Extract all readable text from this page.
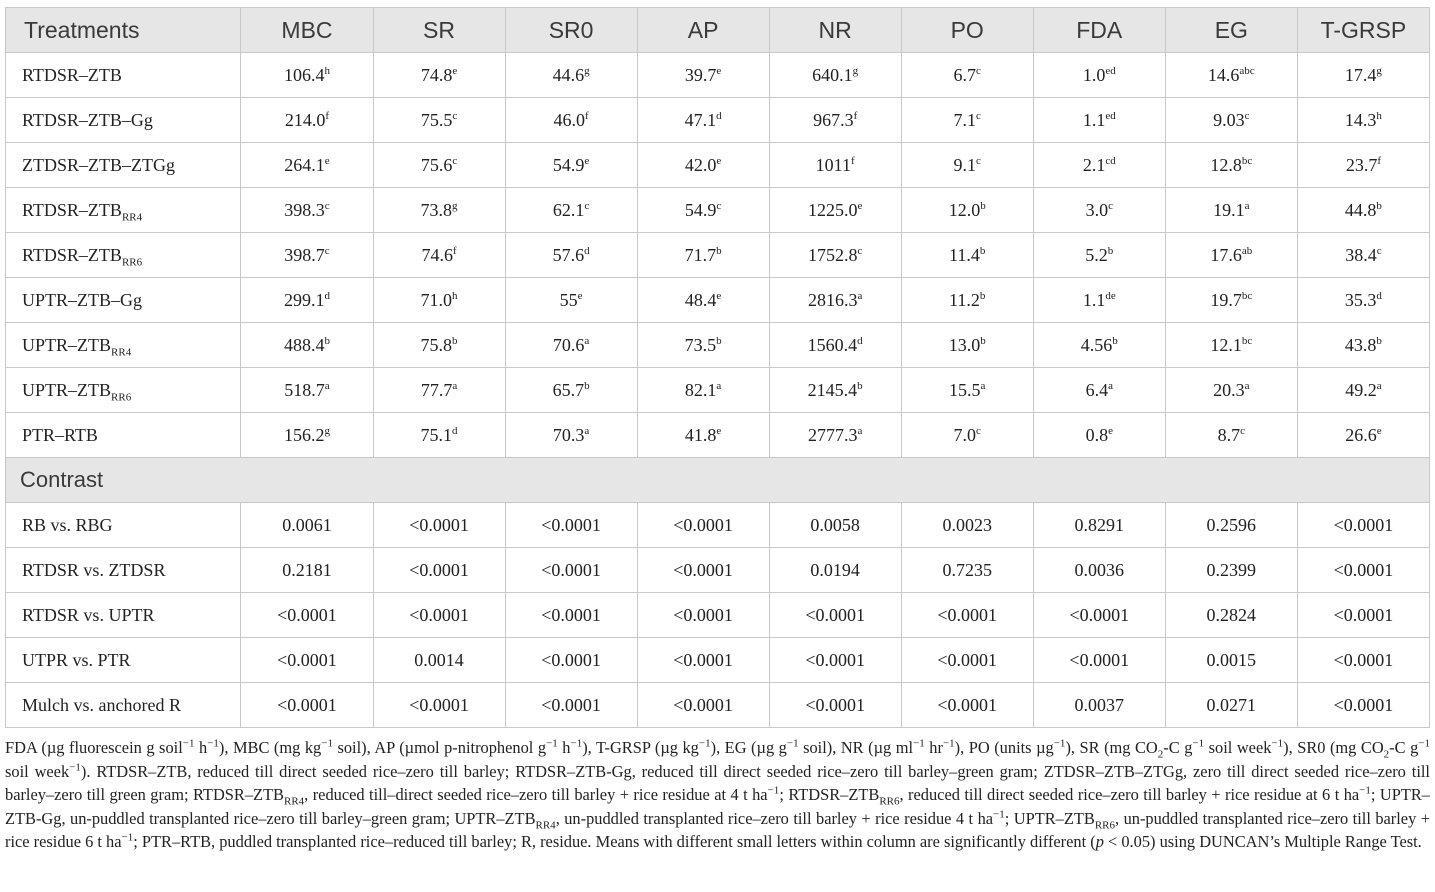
Treatments	MBC	SR	SR0	AP	NR	PO	FDA	EG	T-GRSP
RTDSR–ZTB	106.4$^h$	74.8e	44.6$^g$	39.7e	640.1$^g$	6.7$^c$	1.0$^{ed}$	14.6$^{abc}$	17.4$^g$
RTDSR–ZTB–Gg	214.0$^f$	75.5$^c$	46.0$^f$	47.1$^d$	967.3$^f$	7.1$^c$	1.1$^{ed}$	9.03$^c$	14.3$^h$
ZTDSR–ZTB–ZTGg	264.1e	75.6$^c$	54.9e	42.0e	1011$^f$	9.1$^c$	2.1$^{cd}$	12.8$^{bc}$	23.7$^f$
RTDSR–$ZTB_{RR4}$	398.3$^c$	73.8$^g$	62.1$^c$	54.9$^c$	1225.0e	12.0$^b$	3.0$^c$	19.1$^a$	44.8$^b$
RTDSR–$ZTB_{RR6}$	398.7$^c$	74.6$^f$	57.6$^d$	71.7$^b$	1752.8$^c$	11.4$^b$	5.2$^b$	17.6$^{ab}$	38.4$^c$
UPTR–ZTB–Gg	299.1$^d$	71.0$^h$	55e	48.4e	2816.3$^a$	11.2$^b$	1.1de	19.7$^{bc}$	35.3$^d$
UPTR–$ZTB_{RR4}$	488.4$^b$	75.8$^b$	70.6$^a$	73.5$^b$	1560.4$^d$	13.0$^b$	4.56$^b$	12.1$^{bc}$	43.8$^b$
UPTR–$ZTB_{RR6}$	518.7$^a$	77.7$^a$	65.7$^b$	82.1$^a$	2145.4$^b$	15.5$^a$	6.4$^a$	20.3$^a$	49.2$^a$
PTR–RTB	156.2$^g$	75.1$^d$	70.3$^a$	41.8e	2777.3$^a$	7.0$^c$	0.8e	8.7$^c$	26.6e
Contrast									
RB vs. RBG	0.0061	<0.0001	<0.0001	<0.0001	0.0058	0.0023	0.8291	0.2596	<0.0001
RTDSR vs. ZTDSR	0.2181	<0.0001	<0.0001	<0.0001	0.0194	0.7235	0.0036	0.2399	<0.0001
RTDSR vs. UPTR	<0.0001	<0.0001	<0.0001	<0.0001	<0.0001	<0.0001	<0.0001	0.2824	<0.0001
UTPR vs. PTR	<0.0001	0.0014	<0.0001	<0.0001	<0.0001	<0.0001	<0.0001	0.0015	<0.0001
Mulch vs. anchored R	<0.0001	<0.0001	<0.0001	<0.0001	<0.0001	<0.0001	0.0037	0.0271	<0.0001
FDA (µg fluorescein g soil$^{-1}$ $h^{-1}$), MBC (mg $kg^{-1}$ soil), AP (µmol p-nitrophenol $g^{-1}$ $h^{-1}$), T-GRSP (µg $kg^{-1}$), EG (µg $g^{-1}$ soil), NR (µg $ml^{-1}$ $hr^{-1}$), PO (units µg$^{-1}$), SR (mg $CO_2-C$ $g^{-1}$ soil week$^{-1}$), SR0 (mg $CO_2-C$ $g^{-1}$ soil week$^{-1}$). RTDSR–ZTB, reduced till direct seeded rice–zero till barley; RTDSR–ZTB-Gg, reduced till direct seeded rice–zero till barley–green gram; ZTDSR–ZTB–ZTGg, zero till direct seeded rice–zero till barley–zero till green gram; RTDSR–$ZTB_{RR4}$, reduced till–direct seeded rice–zero till barley + rice residue at 4 t $ha^{-1}$; RTDSR–$ZTB_{RR6}$, reduced till direct seeded rice–zero till barley + rice residue at 6 t $ha^{-1}$; UPTR–ZTB-Gg, un-puddled transplanted rice–zero till barley–green gram; UPTR–$ZTB_{RR4}$, un-puddled transplanted rice–zero till barley + rice residue 4 t $ha^{-1}$; UPTR–$ZTB_{RR6}$, un-puddled transplanted rice–zero till barley + rice residue 6 t $ha^{-1}$; PTR–RTB, puddled transplanted rice–reduced till barley; R, residue. Means with different small letters within column are significantly different (p < 0.05) using DUNCAN’s Multiple Range Test.
